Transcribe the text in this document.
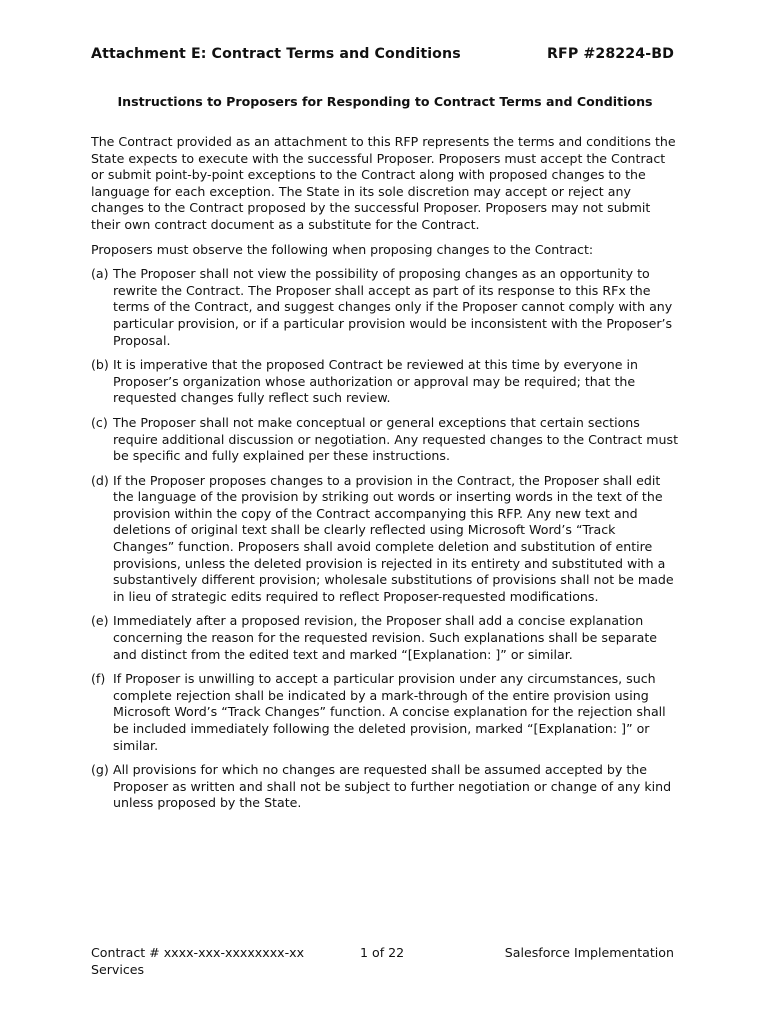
Attachment E: Contract Terms and Conditions	RFP #28224-BD
Instructions to Proposers for Responding to Contract Terms and Conditions

The Contract provided as an attachment to this RFP represents the terms and conditions the State expects to execute with the successful Proposer. Proposers must accept the Contract or submit point-by-point exceptions to the Contract along with proposed changes to the language for each exception. The State in its sole discretion may accept or reject any changes to the Contract proposed by the successful Proposer. Proposers may not submit their own contract document as a substitute for the Contract.

Proposers must observe the following when proposing changes to the Contract:

(a) The Proposer shall not view the possibility of proposing changes as an opportunity to rewrite the Contract. The Proposer shall accept as part of its response to this RFx the terms of the Contract, and suggest changes only if the Proposer cannot comply with any particular provision, or if a particular provision would be inconsistent with the Proposer’s Proposal.
(b) It is imperative that the proposed Contract be reviewed at this time by everyone in Proposer’s organization whose authorization or approval may be required; that the requested changes fully reflect such review.
(c) The Proposer shall not make conceptual or general exceptions that certain sections require additional discussion or negotiation. Any requested changes to the Contract must be specific and fully explained per these instructions.
(d) If the Proposer proposes changes to a provision in the Contract, the Proposer shall edit the language of the provision by striking out words or inserting words in the text of the provision within the copy of the Contract accompanying this RFP. Any new text and deletions of original text shall be clearly reflected using Microsoft Word’s “Track Changes” function. Proposers shall avoid complete deletion and substitution of entire provisions, unless the deleted provision is rejected in its entirety and substituted with a substantively different provision; wholesale substitutions of provisions shall not be made in lieu of strategic edits required to reflect Proposer-requested modifications.
(e) Immediately after a proposed revision, the Proposer shall add a concise explanation concerning the reason for the requested revision. Such explanations shall be separate and distinct from the edited text and marked “[Explanation: ]” or similar.
(f) If Proposer is unwilling to accept a particular provision under any circumstances, such complete rejection shall be indicated by a mark-through of the entire provision using Microsoft Word’s “Track Changes” function. A concise explanation for the rejection shall be included immediately following the deleted provision, marked “[Explanation: ]” or similar.
(g) All provisions for which no changes are requested shall be assumed accepted by the Proposer as written and shall not be subject to further negotiation or change of any kind unless proposed by the State.
Contract # xxxx-xxx-xxxxxxxx-xx Services
1 of 22	Salesforce Implementation
